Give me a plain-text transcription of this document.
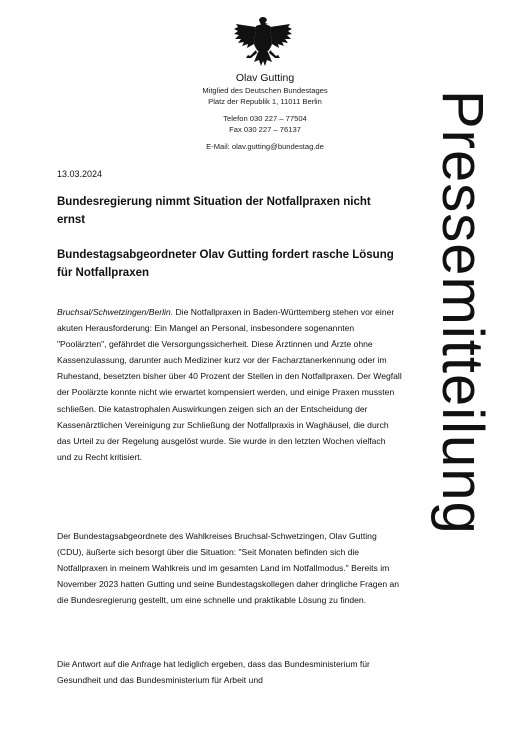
Olav Gutting
Mitglied des Deutschen Bundestages
Platz der Republik 1, 11011 Berlin
Telefon 030 227 – 77504
Fax 030 227 – 76137
E-Mail: olav.gutting@bundestag.de	Pressemitteilung
13.03.2024
Bundesregierung nimmt Situation der Notfallpraxen nicht ernst
Bundestagsabgeordneter Olav Gutting fordert rasche Lösung für Notfallpraxen
Bruchsal/Schwetzingen/Berlin. Die Notfallpraxen in Baden-Württemberg stehen vor einer akuten Herausforderung: Ein Mangel an Personal, insbesondere sogenannten "Poolärzten", gefährdet die Versorgungssicherheit. Diese Ärztinnen und Ärzte ohne Kassenzulassung, darunter auch Mediziner kurz vor der Facharztanerkennung oder im Ruhestand, besetzten bisher über 40 Prozent der Stellen in den Notfallpraxen. Der Wegfall der Poolärzte konnte nicht wie erwartet kompensiert werden, und einige Praxen mussten schließen. Die katastrophalen Auswirkungen zeigen sich an der Entscheidung der Kassenärztlichen Vereinigung zur Schließung der Notfallpraxis in Waghäusel, die durch das Urteil zu der Regelung ausgelöst wurde. Sie wurde in den letzten Wochen vielfach und zu Recht kritisiert.
Der Bundestagsabgeordnete des Wahlkreises Bruchsal-Schwetzingen, Olav Gutting (CDU), äußerte sich besorgt über die Situation: "Seit Monaten befinden sich die Notfallpraxen in meinem Wahlkreis und im gesamten Land im Notfallmodus." Bereits im November 2023 hatten Gutting und seine Bundestagskollegen daher dringliche Fragen an die Bundesregierung gestellt, um eine schnelle und praktikable Lösung zu finden.
Die Antwort auf die Anfrage hat lediglich ergeben, dass das Bundesministerium für Gesundheit und das Bundesministerium für Arbeit und
